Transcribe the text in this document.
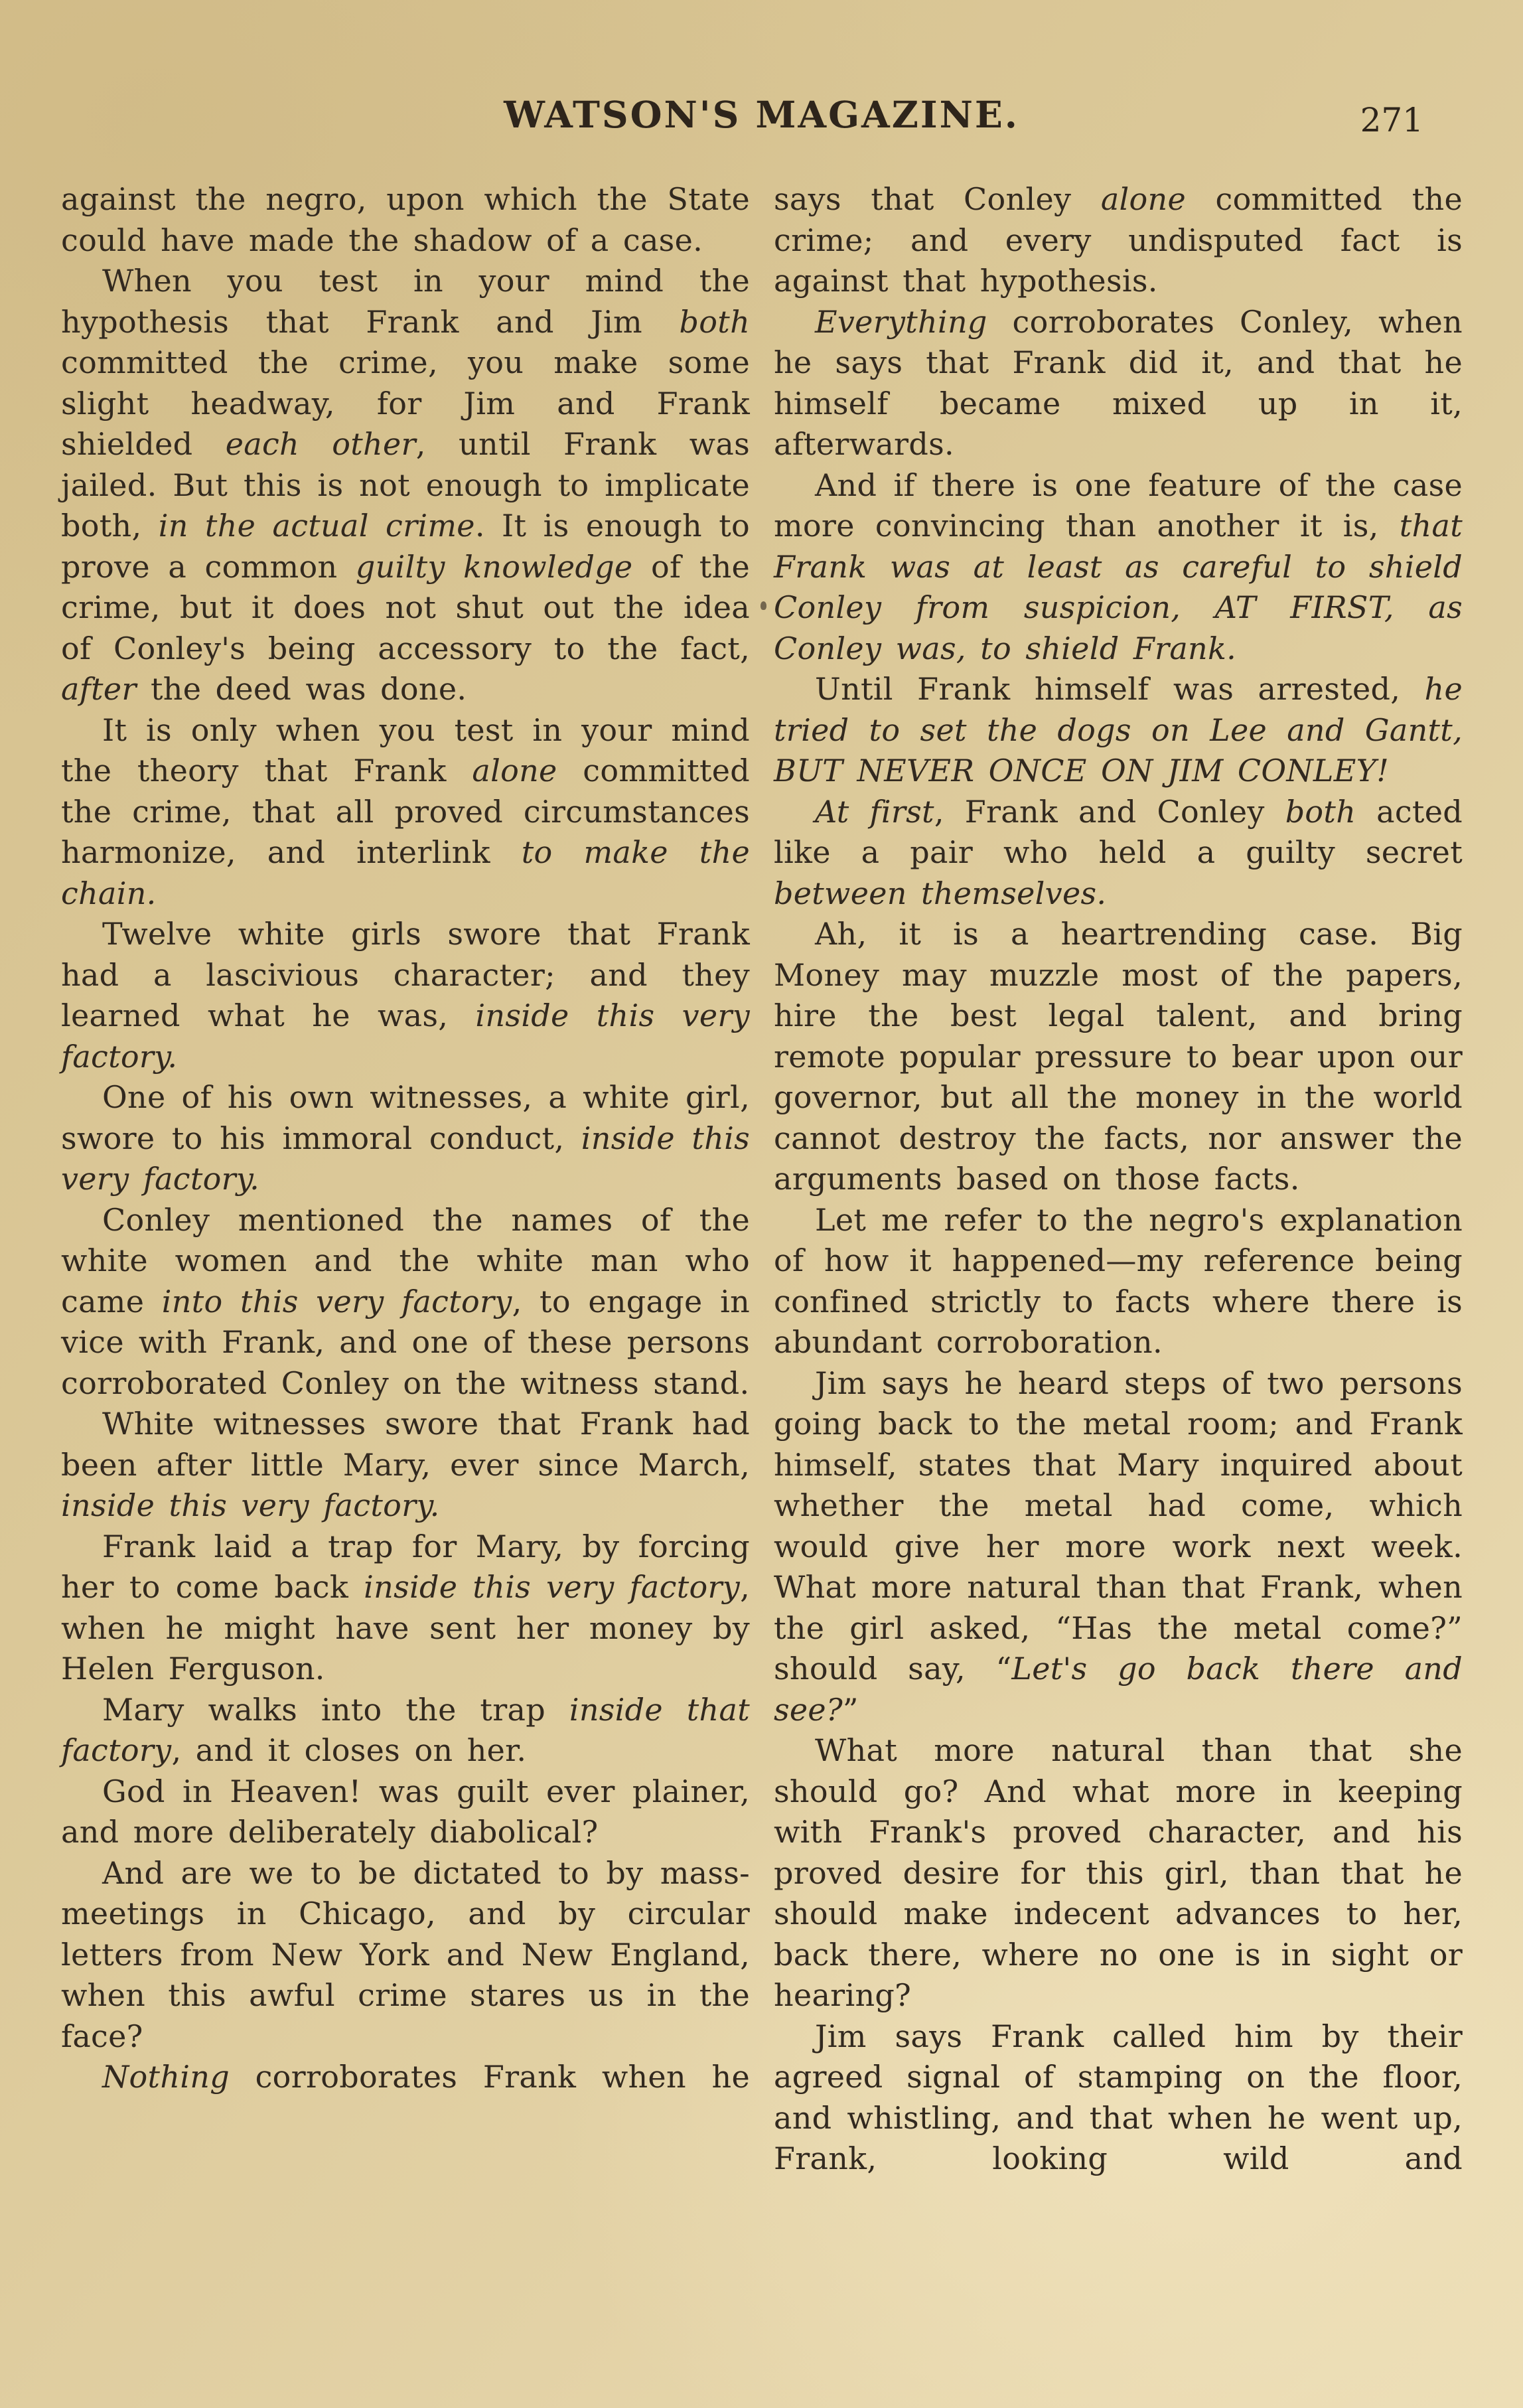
WATSON'S MAGAZINE.	271

against the negro, upon which the State could have made the shadow of a case.

When you test in your mind the hypothesis that Frank and Jim both committed the crime, you make some slight headway, for Jim and Frank shielded each other, until Frank was jailed. But this is not enough to implicate both, in the actual crime. It is enough to prove a common guilty knowledge of the crime, but it does not shut out the idea of Conley's being accessory to the fact, after the deed was done.

It is only when you test in your mind the theory that Frank alone committed the crime, that all proved circumstances harmonize, and interlink to make the chain.

Twelve white girls swore that Frank had a lascivious character; and they learned what he was, inside this very factory.

One of his own witnesses, a white girl, swore to his immoral conduct, inside this very factory.

Conley mentioned the names of the white women and the white man who came into this very factory, to engage in vice with Frank, and one of these persons corroborated Conley on the witness stand.

White witnesses swore that Frank had been after little Mary, ever since March, inside this very factory.

Frank laid a trap for Mary, by forcing her to come back inside this very factory, when he might have sent her money by Helen Ferguson.

Mary walks into the trap inside that factory, and it closes on her.

God in Heaven! was guilt ever plainer, and more deliberately diabolical?

And are we to be dictated to by mass-meetings in Chicago, and by circular letters from New York and New England, when this awful crime stares us in the face?

Nothing corroborates Frank when he

says that Conley alone committed the crime; and every undisputed fact is against that hypothesis.

Everything corroborates Conley, when he says that Frank did it, and that he himself became mixed up in it, afterwards.

And if there is one feature of the case more convincing than another it is, that Frank was at least as careful to shield Conley from suspicion, AT FIRST, as Conley was, to shield Frank.

Until Frank himself was arrested, he tried to set the dogs on Lee and Gantt, BUT NEVER ONCE ON JIM CONLEY!

At first, Frank and Conley both acted like a pair who held a guilty secret between themselves.

Ah, it is a heartrending case. Big Money may muzzle most of the papers, hire the best legal talent, and bring remote popular pressure to bear upon our governor, but all the money in the world cannot destroy the facts, nor answer the arguments based on those facts.

Let me refer to the negro's explanation of how it happened—my reference being confined strictly to facts where there is abundant corroboration.

Jim says he heard steps of two persons going back to the metal room; and Frank himself, states that Mary inquired about whether the metal had come, which would give her more work next week. What more natural than that Frank, when the girl asked, “Has the metal come?” should say, “Let's go back there and see?”

What more natural than that she should go? And what more in keeping with Frank's proved character, and his proved desire for this girl, than that he should make indecent advances to her, back there, where no one is in sight or hearing?

Jim says Frank called him by their agreed signal of stamping on the floor, and whistling, and that when he went up, Frank, looking wild and
